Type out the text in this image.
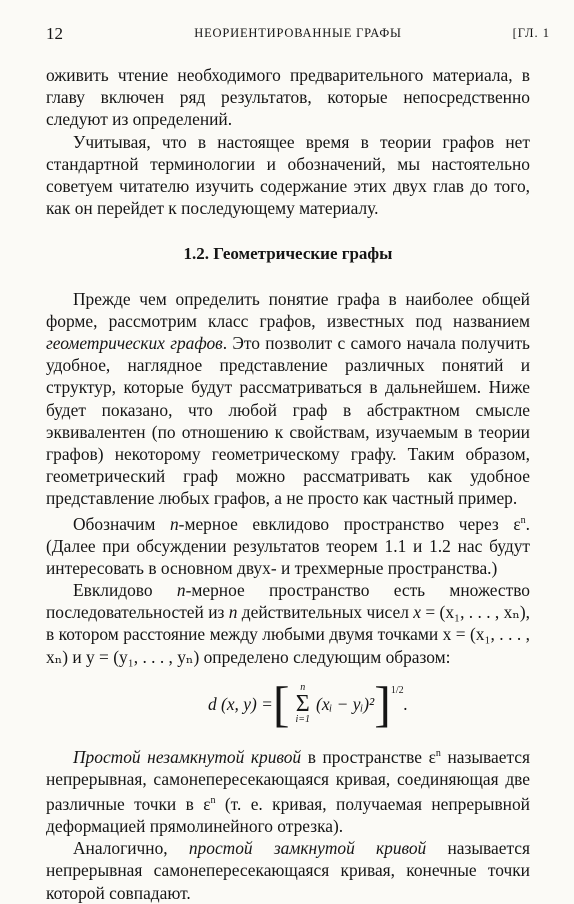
12	НЕОРИЕНТИРОВАННЫЕ ГРАФЫ	[ГЛ. 1

оживить чтение необходимого предварительного материала, в главу включен ряд результатов, которые непосредственно следуют из определений.

Учитывая, что в настоящее время в теории графов нет стандартной терминологии и обозначений, мы настоятельно советуем читателю изучить содержание этих двух глав до того, как он перейдет к последующему материалу.

1.2. Геометрические графы

Прежде чем определить понятие графа в наиболее общей форме, рассмотрим класс графов, известных под названием геометрических графов. Это позволит с самого начала получить удобное, наглядное представление различных понятий и структур, которые будут рассматриваться в дальнейшем. Ниже будет показано, что любой граф в абстрактном смысле эквивалентен (по отношению к свойствам, изучаемым в теории графов) некоторому геометрическому графу. Таким образом, геометрический граф можно рассматривать как удобное представление любых графов, а не просто как частный пример.

Обозначим n-мерное евклидово пространство через $\varepsilon^n$. (Далее при обсуждении результатов теорем 1.1 и 1.2 нас будут интересовать в основном двух- и трехмерные пространства.)

Евклидово n-мерное пространство есть множество последовательностей из n действительных чисел x = (x₁, . . . , xₙ), в котором расстояние между любыми двумя точками x = (x₁, . . . , xₙ) и y = (y₁, . . . , yₙ) определено следующим образом:

d (x, y) = [ n
Σ
i=1
(xᵢ − yᵢ)² ] 1/2
.

Простой незамкнутой кривой в пространстве $\varepsilon^n$ называется непрерывная, самонепересекающаяся кривая, соединяющая две различные точки в $\varepsilon^n$ (т. е. кривая, получаемая непрерывной деформацией прямолинейного отрезка).

Аналогично, простой замкнутой кривой называется непрерывная самонепересекающаяся кривая, конечные точки которой совпадают.
